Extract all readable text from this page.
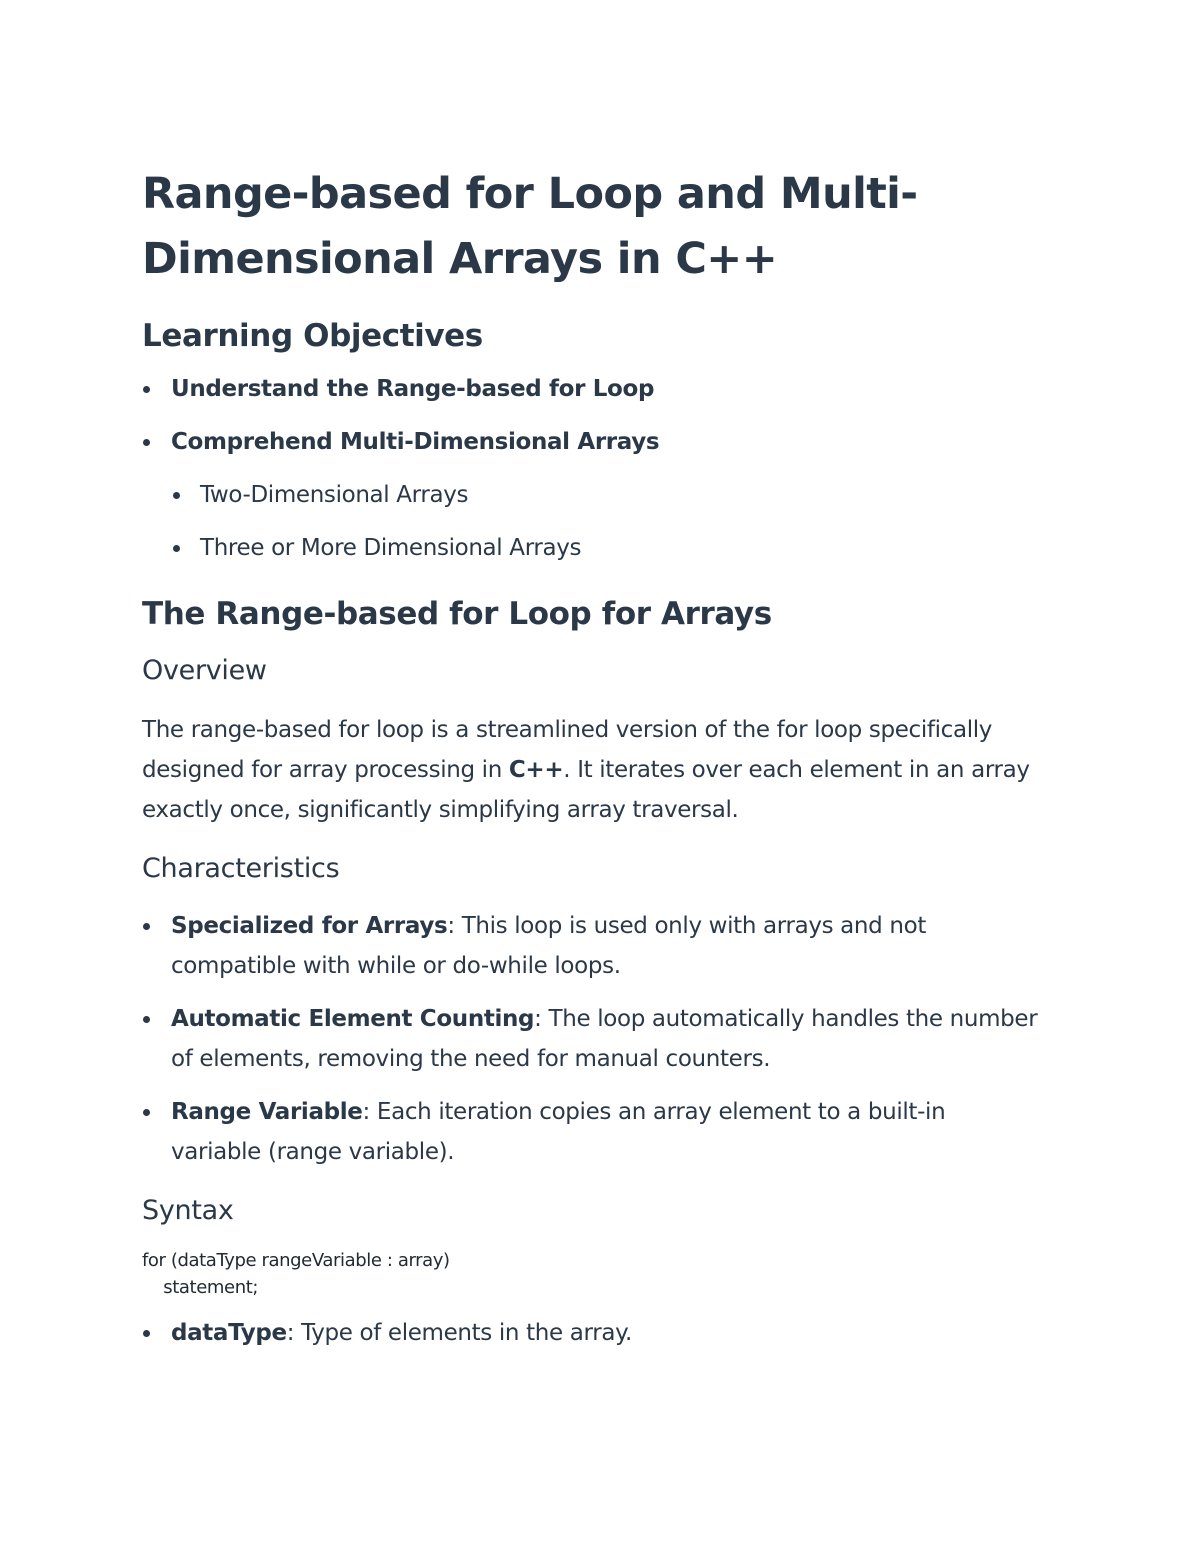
Range-based for Loop and Multi-
Dimensional Arrays in C++
Learning Objectives
Understand the Range-based for Loop
Comprehend Multi-Dimensional Arrays
Two-Dimensional Arrays
Three or More Dimensional Arrays
The Range-based for Loop for Arrays
Overview

The range-based for loop is a streamlined version of the for loop specifically designed for array processing in C++. It iterates over each element in an array exactly once, significantly simplifying array traversal.

Characteristics
Specialized for Arrays: This loop is used only with arrays and not compatible with while or do-while loops.
Automatic Element Counting: The loop automatically handles the number of elements, removing the need for manual counters.
Range Variable: Each iteration copies an array element to a built-in variable (range variable).
Syntax
for (dataType rangeVariable : array)
statement;
dataType: Type of elements in the array.
